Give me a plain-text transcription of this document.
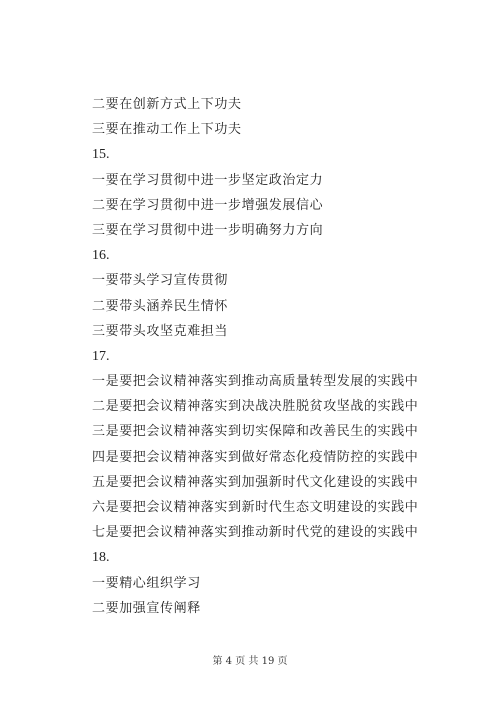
二要在创新方式上下功夫
三要在推动工作上下功夫
15.
一要在学习贯彻中进一步坚定政治定力
二要在学习贯彻中进一步增强发展信心
三要在学习贯彻中进一步明确努力方向
16.
一要带头学习宣传贯彻
二要带头涵养民生情怀
三要带头攻坚克难担当
17.
一是要把会议精神落实到推动高质量转型发展的实践中
二是要把会议精神落实到决战决胜脱贫攻坚战的实践中
三是要把会议精神落实到切实保障和改善民生的实践中
四是要把会议精神落实到做好常态化疫情防控的实践中
五是要把会议精神落实到加强新时代文化建设的实践中
六是要把会议精神落实到新时代生态文明建设的实践中
七是要把会议精神落实到推动新时代党的建设的实践中
18.
一要精心组织学习
二要加强宣传阐释
第 4 页 共 19 页
